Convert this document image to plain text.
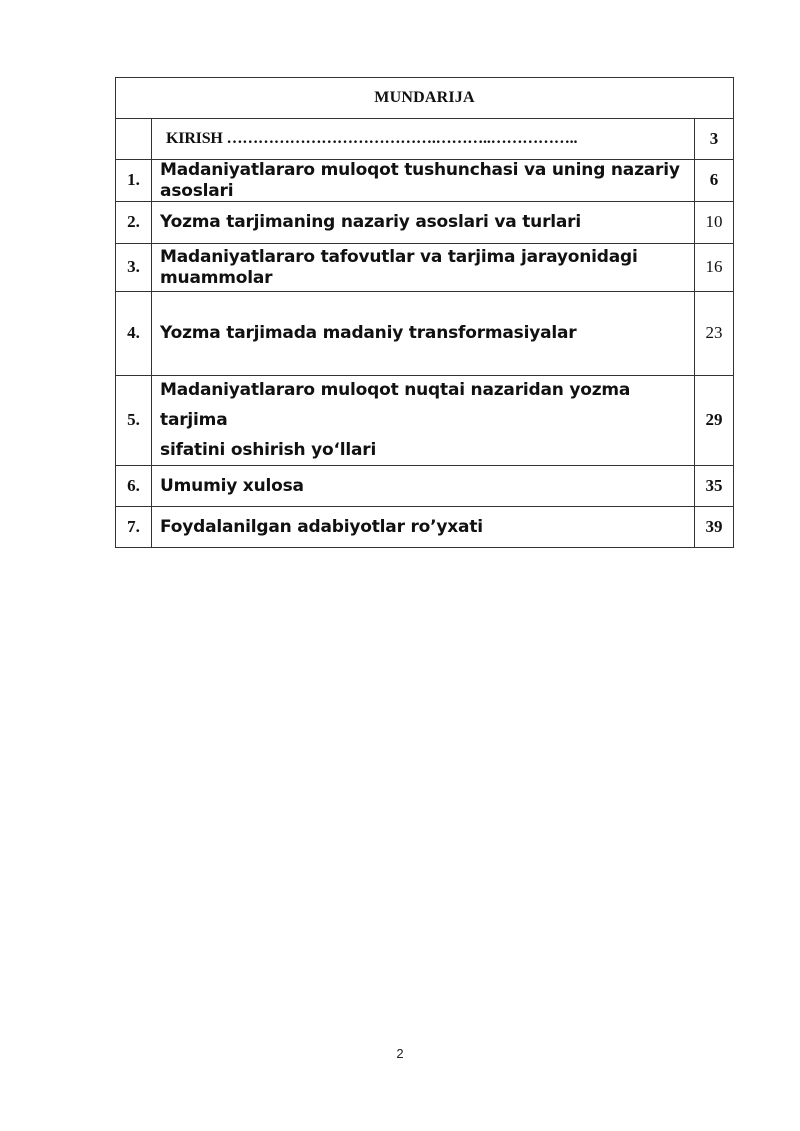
MUNDARIJA		
	KIRISH ………………………………….………..……………..	3
1.	Madaniyatlararo muloqot tushunchasi va uning nazariy asoslari	6
2.	Yozma tarjimaning nazariy asoslari va turlari	10
3.	Madaniyatlararo tafovutlar va tarjima jarayonidagi muammolar	16
4.	Yozma tarjimada madaniy transformasiyalar	23
5.	Madaniyatlararo muloqot nuqtai nazaridan yozma tarjima
sifatini oshirish yo‘llari	29
6.	Umumiy xulosa	35
7.	Foydalanilgan adabiyotlar ro’yxati	39
2
